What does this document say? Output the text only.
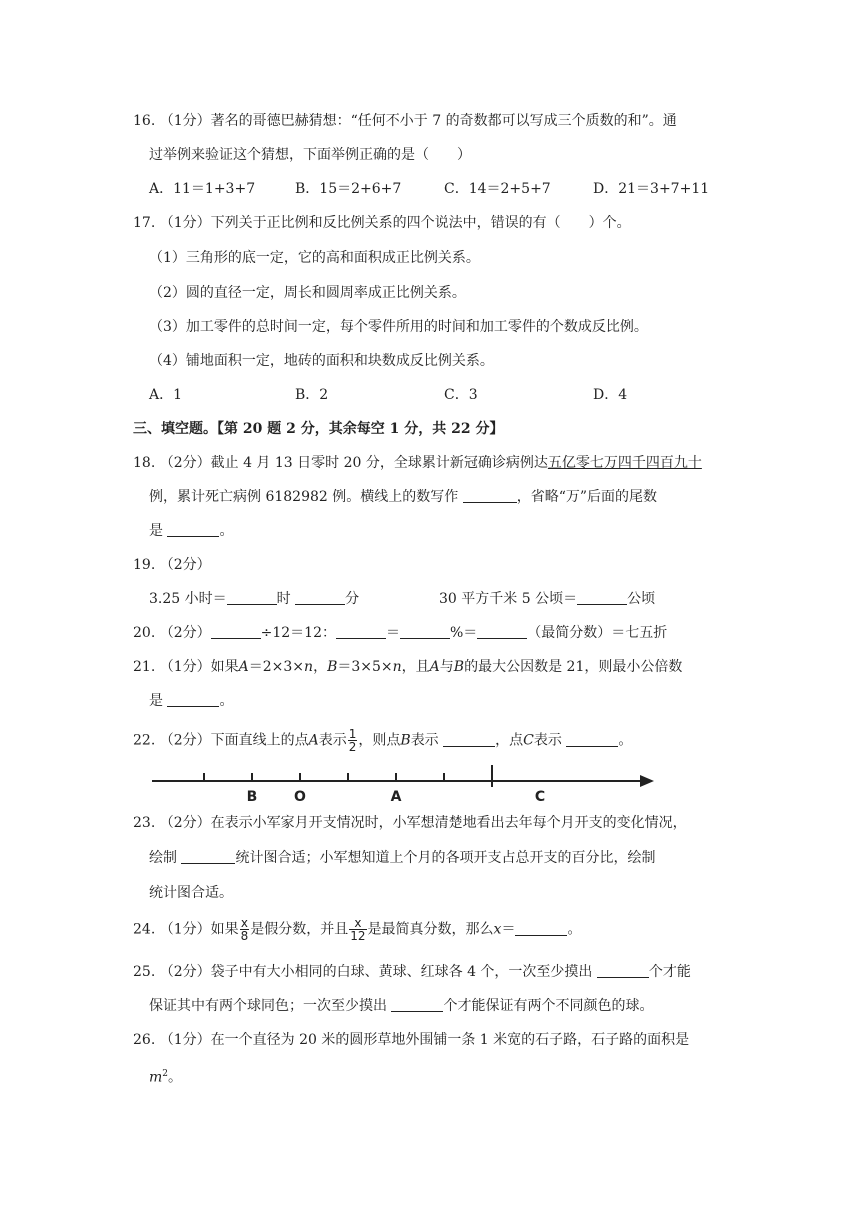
16. （1分）著名的哥德巴赫猜想：“任何不小于 7 的奇数都可以写成三个质数的和”。通
过举例来验证这个猜想，下面举例正确的是（　　）
A．11＝1+3+7	B．15＝2+6+7	C．14＝2+5+7	D．21＝3+7+11
17. （1分）下列关于正比例和反比例关系的四个说法中，错误的有（　　）个。
（1）三角形的底一定，它的高和面积成正比例关系。
（2）圆的直径一定，周长和圆周率成正比例关系。
（3）加工零件的总时间一定，每个零件所用的时间和加工零件的个数成反比例。
（4）铺地面积一定，地砖的面积和块数成反比例关系。
A．1	B．2	C．3	D．4
三、填空题。【第 20 题 2 分，其余每空 1 分，共 22 分】
18. （2分）截止 4 月 13 日零时 20 分，全球累计新冠确诊病例达五亿零七万四千四百九十
例，累计死亡病例 6182982 例。横线上的数写作	，省略“万”后面的尾数
是	。
19. （2分）
3.25 小时＝	时	分	30 平方千米 5 公顷＝	公顷
20. （2分）	÷12＝12：	＝	%＝	（最简分数）＝七五折
21. （1分）如果A＝2×3×n，B＝3×5×n，且A与B的最大公因数是 21，则最小公倍数
是	。
22. （2分）下面直线上的点A表示 $\frac{1}{2}$ ，则点B表示	，点C表示	。
B	O	A	C
23. （2分）在表示小军家月开支情况时，小军想清楚地看出去年每个月开支的变化情况，
绘制	统计图合适；小军想知道上个月的各项开支占总开支的百分比，绘制
统计图合适。
24. （1分）如果 $\frac{x}{8}$ 是假分数，并且 $\frac{x}{12}$ 是最简真分数，那么x＝	。
25. （2分）袋子中有大小相同的白球、黄球、红球各 4 个，一次至少摸出	个才能
保证其中有两个球同色；一次至少摸出	个才能保证有两个不同颜色的球。
26. （1分）在一个直径为 20 米的圆形草地外围铺一条 1 米宽的石子路，石子路的面积是
$m^2$。
